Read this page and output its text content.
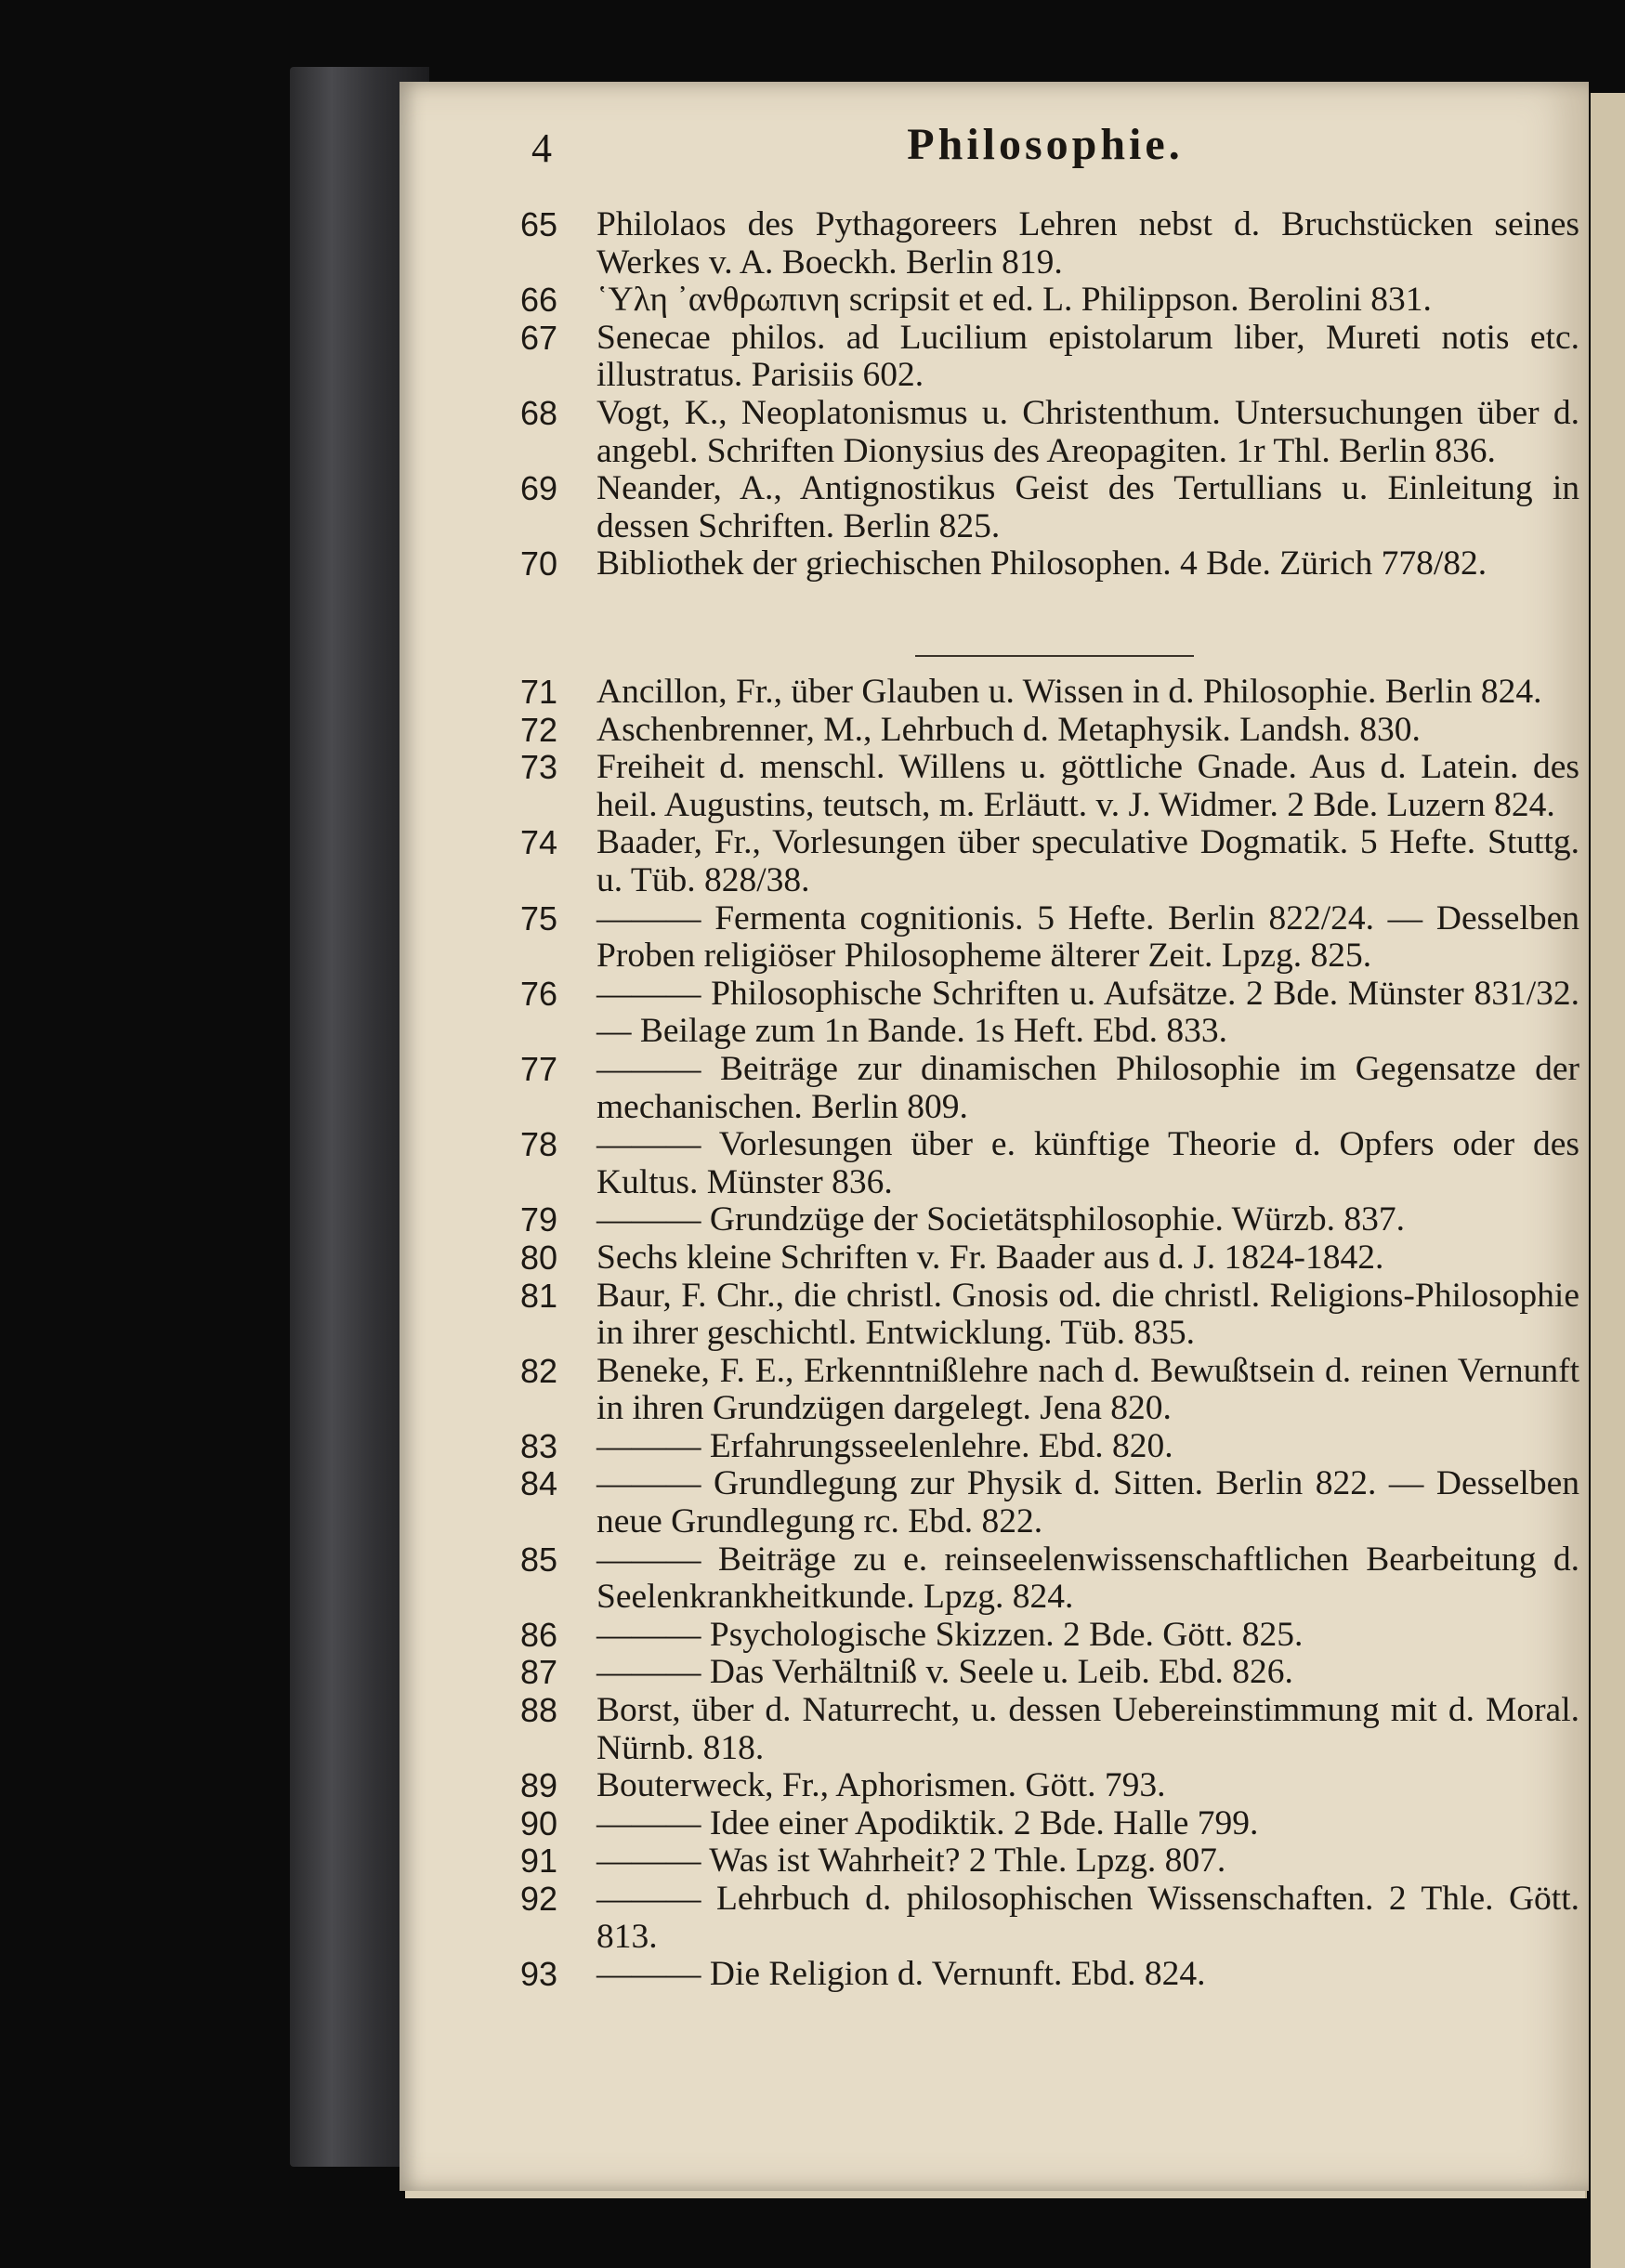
4	Philosophie.
65	Philolaos des Pythagoreers Lehren nebst d. Bruchstücken seines Werkes v. A. Boeckh. Berlin 819.
66	῾Υλη ᾿ανθρωπινη scripsit et ed. L. Philippson. Berolini 831.
67	Senecae philos. ad Lucilium epistolarum liber, Mureti notis etc. illustratus. Parisiis 602.
68	Vogt, K., Neoplatonismus u. Christenthum. Untersuchungen über d. angebl. Schriften Dionysius des Areopagiten. 1r Thl. Berlin 836.
69	Neander, A., Antignostikus Geist des Tertullians u. Einleitung in dessen Schriften. Berlin 825.
70	Bibliothek der griechischen Philosophen. 4 Bde. Zürich 778/82.
71	Ancillon, Fr., über Glauben u. Wissen in d. Philosophie. Berlin 824.
72	Aschenbrenner, M., Lehrbuch d. Metaphysik. Landsh. 830.
73	Freiheit d. menschl. Willens u. göttliche Gnade. Aus d. Latein. des heil. Augustins, teutsch, m. Erläutt. v. J. Widmer. 2 Bde. Luzern 824.
74	Baader, Fr., Vorlesungen über speculative Dogmatik. 5 Hefte. Stuttg. u. Tüb. 828/38.
75	——— Fermenta cognitionis. 5 Hefte. Berlin 822/24. — Desselben Proben religiöser Philosopheme älterer Zeit. Lpzg. 825.
76	——— Philosophische Schriften u. Aufsätze. 2 Bde. Münster 831/32. — Beilage zum 1n Bande. 1s Heft. Ebd. 833.
77	——— Beiträge zur dinamischen Philosophie im Gegensatze der mechanischen. Berlin 809.
78	——— Vorlesungen über e. künftige Theorie d. Opfers oder des Kultus. Münster 836.
79	——— Grundzüge der Societätsphilosophie. Würzb. 837.
80	Sechs kleine Schriften v. Fr. Baader aus d. J. 1824-1842.
81	Baur, F. Chr., die christl. Gnosis od. die christl. Religions-Philosophie in ihrer geschichtl. Entwicklung. Tüb. 835.
82	Beneke, F. E., Erkenntnißlehre nach d. Bewußtsein d. reinen Vernunft in ihren Grundzügen dargelegt. Jena 820.
83	——— Erfahrungsseelenlehre. Ebd. 820.
84	——— Grundlegung zur Physik d. Sitten. Berlin 822. — Desselben neue Grundlegung rc. Ebd. 822.
85	——— Beiträge zu e. reinseelenwissenschaftlichen Bearbeitung d. Seelenkrankheitkunde. Lpzg. 824.
86	——— Psychologische Skizzen. 2 Bde. Gött. 825.
87	——— Das Verhältniß v. Seele u. Leib. Ebd. 826.
88	Borst, über d. Naturrecht, u. dessen Uebereinstimmung mit d. Moral. Nürnb. 818.
89	Bouterweck, Fr., Aphorismen. Gött. 793.
90	——— Idee einer Apodiktik. 2 Bde. Halle 799.
91	——— Was ist Wahrheit? 2 Thle. Lpzg. 807.
92	——— Lehrbuch d. philosophischen Wissenschaften. 2 Thle. Gött. 813.
93	——— Die Religion d. Vernunft. Ebd. 824.
